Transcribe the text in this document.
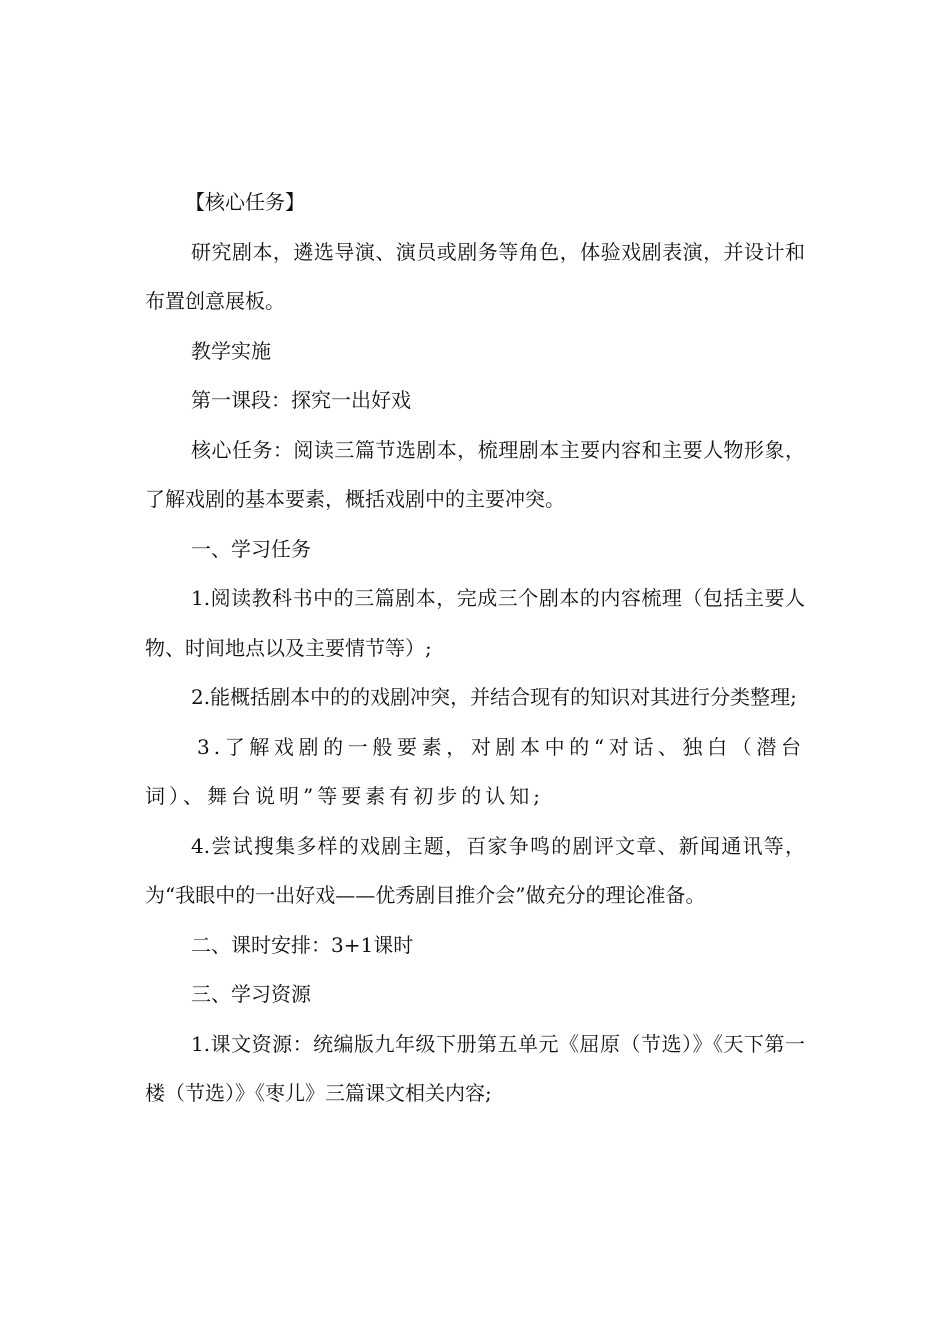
【核心任务】

研究剧本，遴选导演、演员或剧务等角色，体验戏剧表演，并设计和布置创意展板。

教学实施

第一课段：探究一出好戏

核心任务：阅读三篇节选剧本，梳理剧本主要内容和主要人物形象，了解戏剧的基本要素，概括戏剧中的主要冲突。

一、学习任务

1.阅读教科书中的三篇剧本，完成三个剧本的内容梳理（包括主要人物、时间地点以及主要情节等）;

2.能概括剧本中的的戏剧冲突，并结合现有的知识对其进行分类整理;

3.了解戏剧的一般要素，对剧本中的“对话、独白（潜台词）、舞台说明”等要素有初步的认知;

4.尝试搜集多样的戏剧主题，百家争鸣的剧评文章、新闻通讯等，为“我眼中的一出好戏——优秀剧目推介会”做充分的理论准备。

二、课时安排：3+1课时

三、学习资源

1.课文资源：统编版九年级下册第五单元《屈原（节选）》《天下第一楼（节选）》《枣儿》三篇课文相关内容;
